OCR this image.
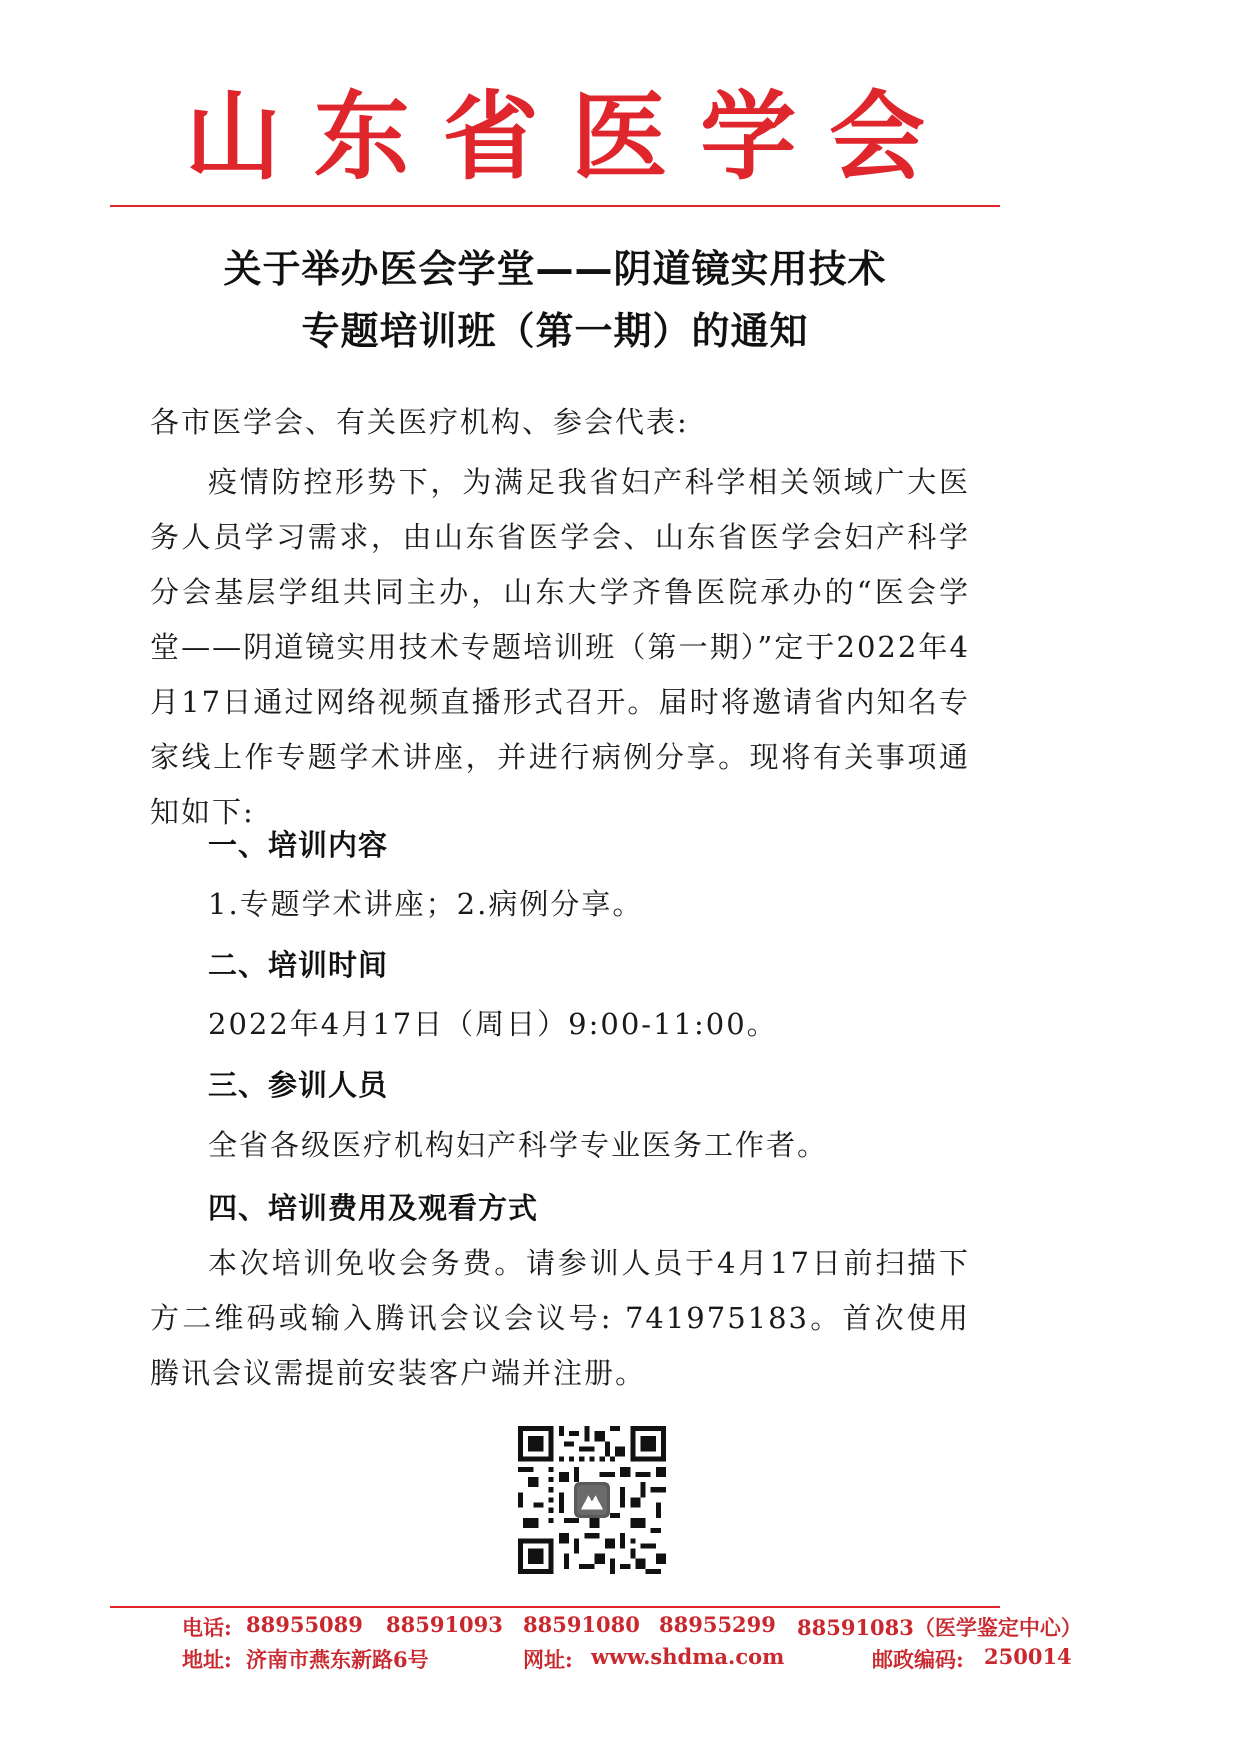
山 东 省 医 学 会
关于举办医会学堂——阴道镜实用技术
专题培训班（第一期）的通知

各市医学会、有关医疗机构、参会代表:

疫情防控形势下，为满足我省妇产科学相关领域广大医务人员学习需求，由山东省医学会、山东省医学会妇产科学分会基层学组共同主办，山东大学齐鲁医院承办的“医会学堂——阴道镜实用技术专题培训班（第一期）”定于2022年4月17日通过网络视频直播形式召开。届时将邀请省内知名专家线上作专题学术讲座，并进行病例分享。现将有关事项通知如下:

一、培训内容

1.专题学术讲座；2.病例分享。

二、培训时间

2022年4月17日（周日）9:00-11:00。

三、参训人员

全省各级医疗机构妇产科学专业医务工作者。

四、培训费用及观看方式

本次培训免收会务费。请参训人员于4月17日前扫描下方二维码或输入腾讯会议会议号: 741975183。首次使用腾讯会议需提前安装客户端并注册。

电话: 88955089 88591093 88591080 88955299 88591083（医学鉴定中心）
地址: 济南市燕东新路6号	网址: www.shdma.com	邮政编码: 250014
